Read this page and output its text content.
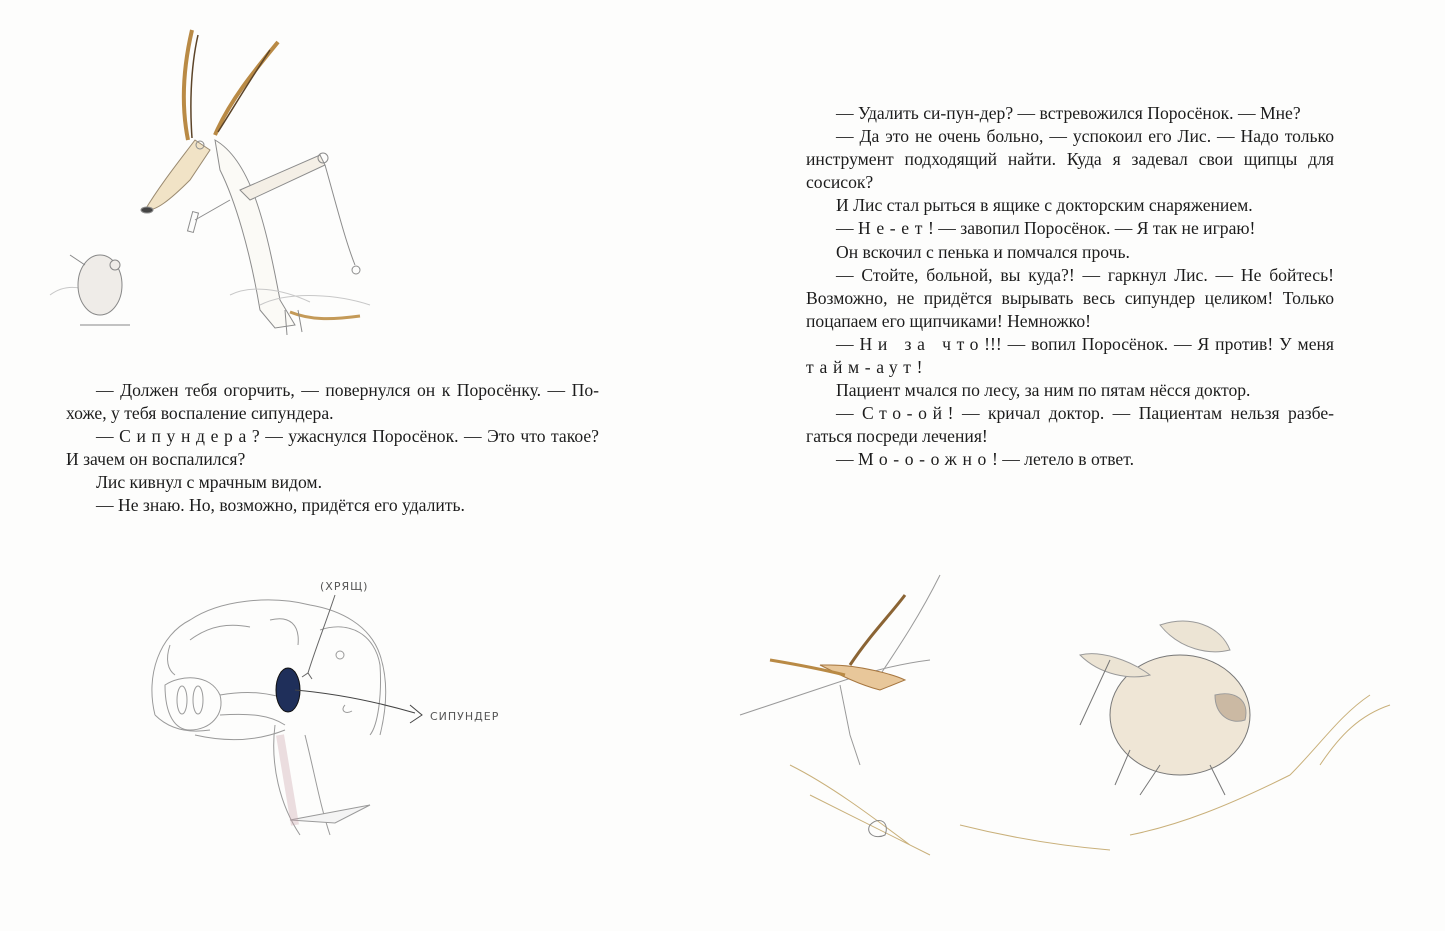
— Должен тебя огорчить, — повернулся он к Поросёнку. — По-
хоже, у тебя воспаление сипундера.
— Сипундера? — ужаснулся Поросёнок. — Это что такое?
И зачем он воспалился?
Лис кивнул с мрачным видом.
— Не знаю. Но, возможно, придётся его удалить.
(ХРЯЩ)
СИПУНДЕР
— Удалить си-пун-дер? — встревожился Поросёнок. — Мне?
— Да это не очень больно, — успокоил его Лис. — Надо только
инструмент подходящий найти. Куда я задевал свои щипцы для
сосисок?
И Лис стал рыться в ящике с докторским снаряжением.
— Не-ет! — завопил Поросёнок. — Я так не играю!
Он вскочил с пенька и помчался прочь.
— Стойте, больной, вы куда?! — гаркнул Лис. — Не бойтесь!
Возможно, не придётся вырывать весь сипундер целиком! Только
поцапаем его щипчиками! Немножко!
— Ни за что!!! — вопил Поросёнок. — Я против! У меня
тайм-аут!
Пациент мчался по лесу, за ним по пятам нёсся доктор.
— Сто-ой! — кричал доктор. — Пациентам нельзя разбе-
гаться посреди лечения!
— Мо-о-ожно! — летело в ответ.
